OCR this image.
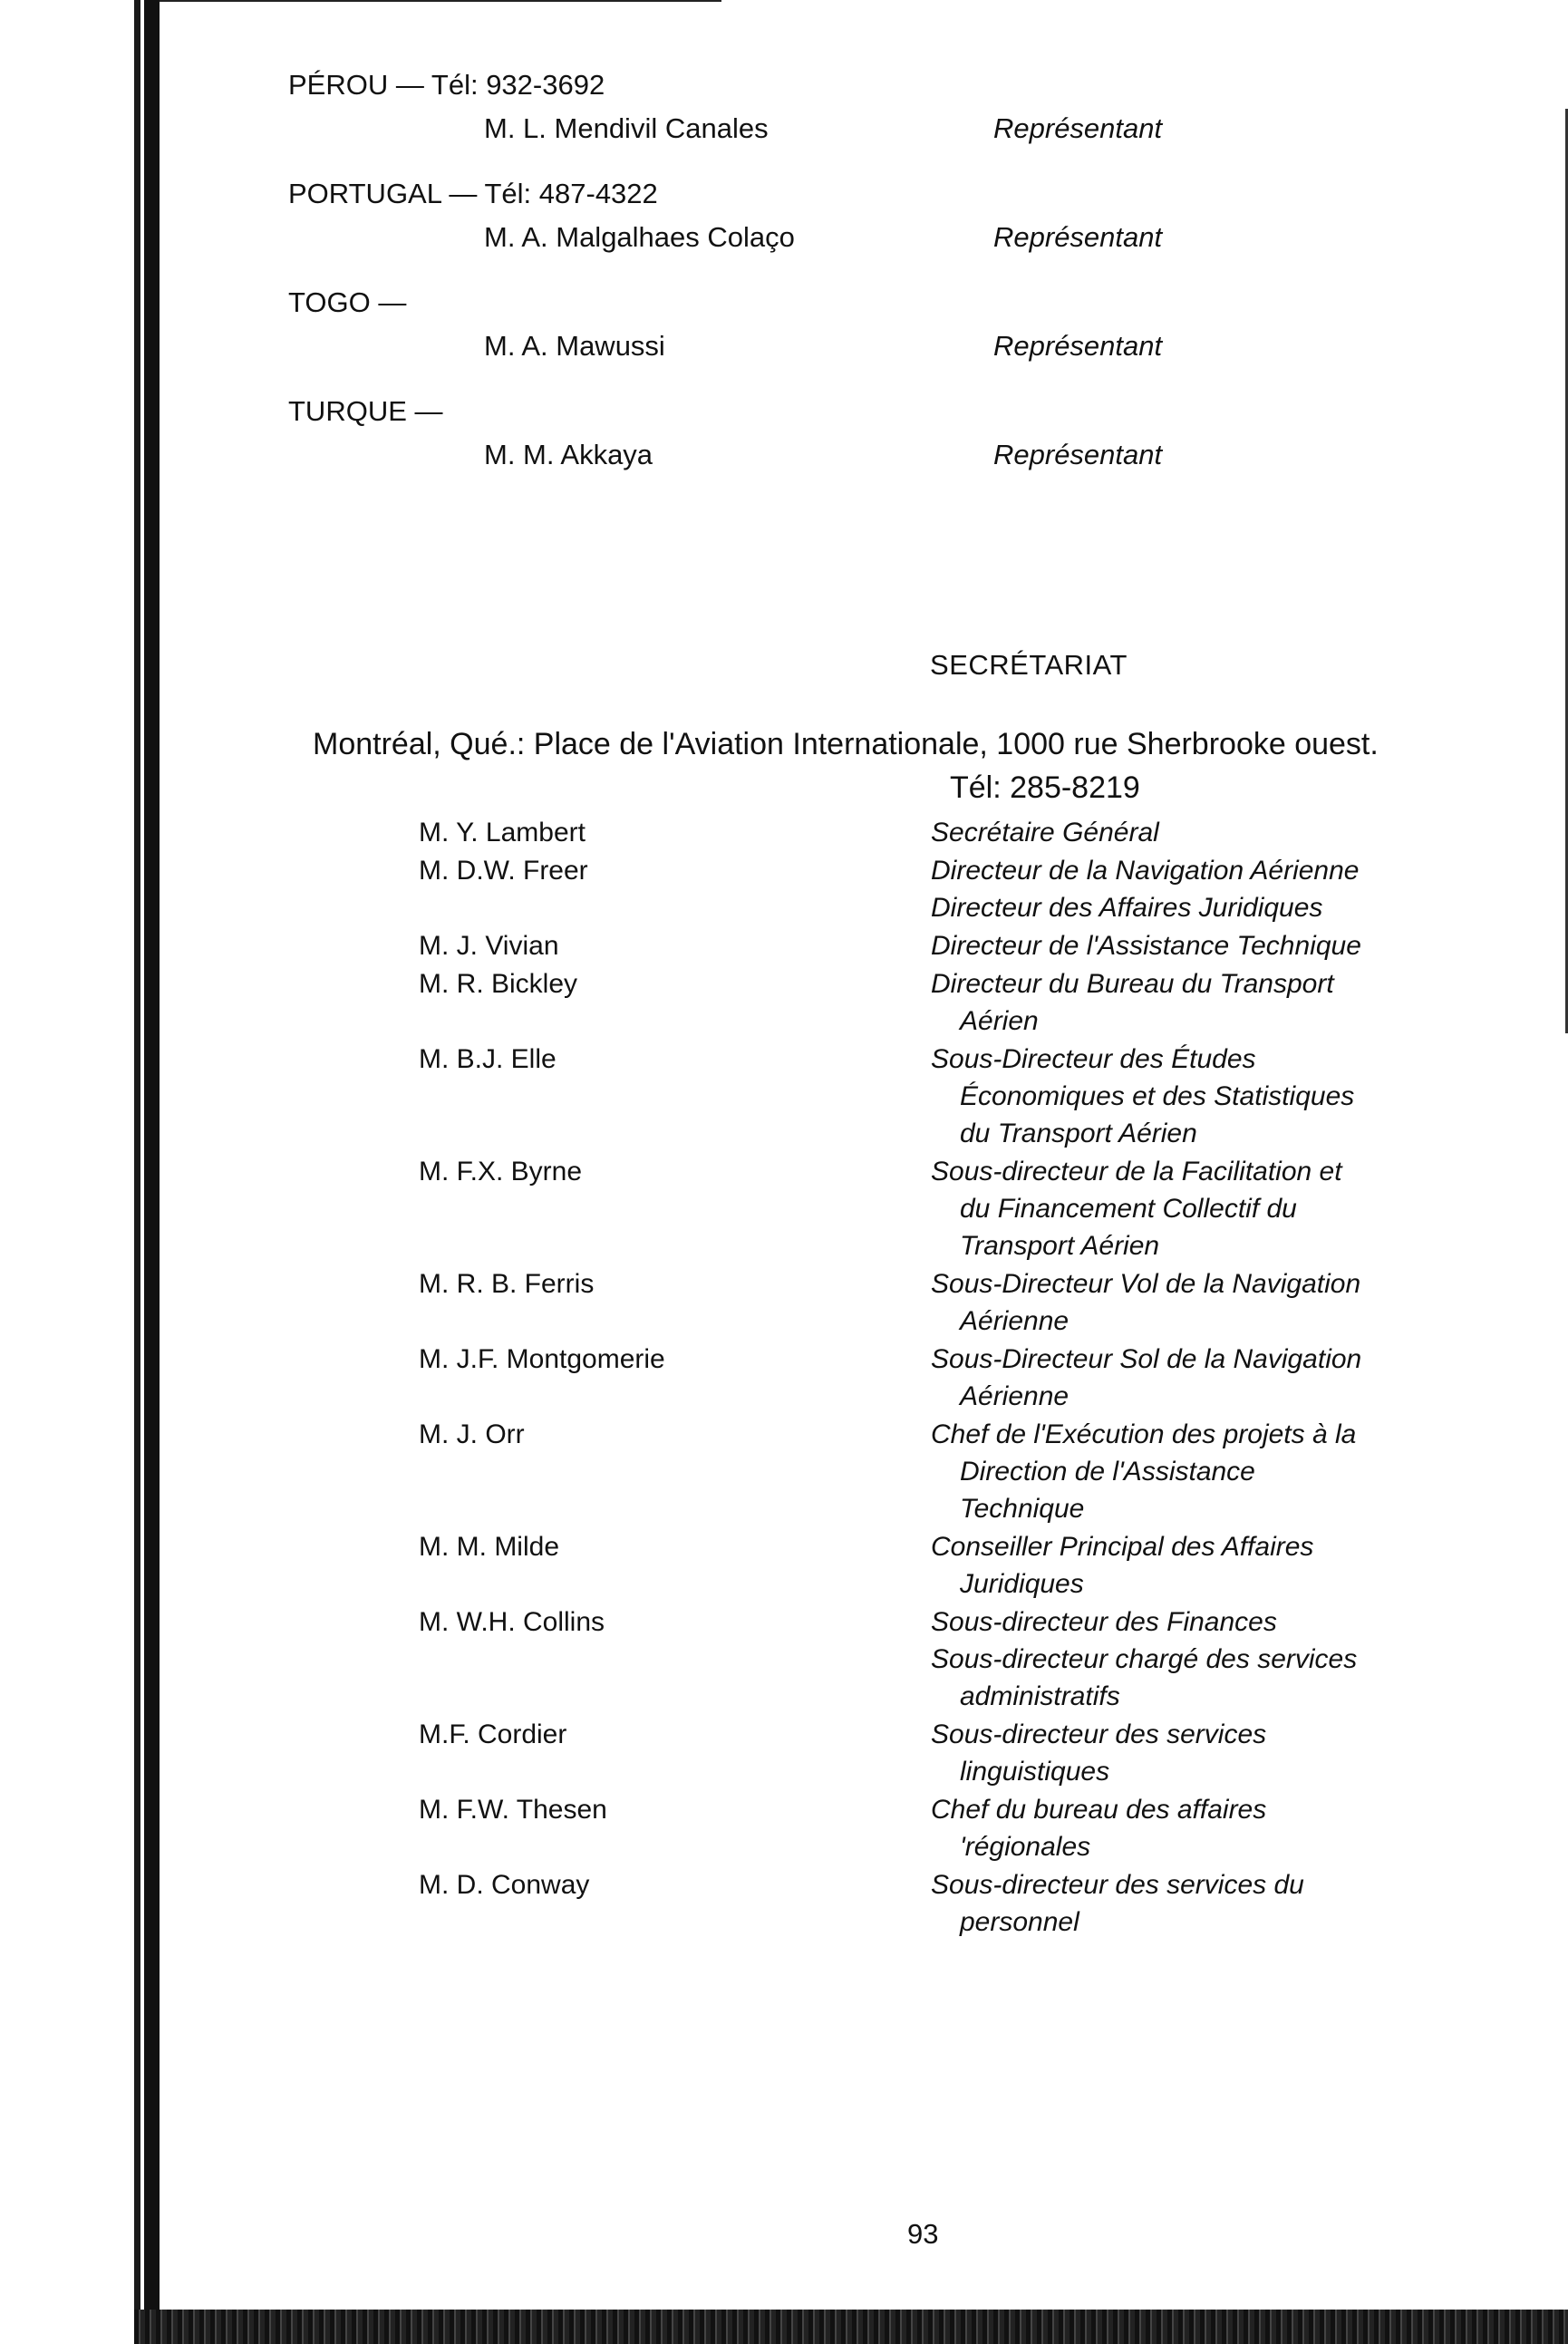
PÉROU — Tél: 932-3692
M. L. Mendivil Canales	Représentant
PORTUGAL — Tél: 487-4322
M. A. Malgalhaes Colaço	Représentant
TOGO —
M. A. Mawussi	Représentant
TURQUE —
M. M. Akkaya	Représentant
SECRÉTARIAT
Montréal, Qué.: Place de l'Aviation Internationale, 1000 rue Sherbrooke ouest.
Tél: 285-8219
M. Y. Lambert	Secrétaire Général
M. D.W. Freer	Directeur de la Navigation Aérienne
Directeur des Affaires Juridiques
M. J. Vivian	Directeur de l'Assistance Technique
M. R. Bickley	Directeur du Bureau du Transport
Aérien
M. B.J. Elle	Sous-Directeur des Études
Économiques et des Statistiques
du Transport Aérien
M. F.X. Byrne	Sous-directeur de la Facilitation et
du Financement Collectif du
Transport Aérien
M. R. B. Ferris	Sous-Directeur Vol de la Navigation
Aérienne
M. J.F. Montgomerie	Sous-Directeur Sol de la Navigation
Aérienne
M. J. Orr	Chef de l'Exécution des projets à la
Direction de l'Assistance
Technique
M. M. Milde	Conseiller Principal des Affaires
Juridiques
M. W.H. Collins	Sous-directeur des Finances
Sous-directeur chargé des services
administratifs
M.F. Cordier	Sous-directeur des services
linguistiques
M. F.W. Thesen	Chef du bureau des affaires
'régionales
M. D. Conway	Sous-directeur des services du
personnel
93
